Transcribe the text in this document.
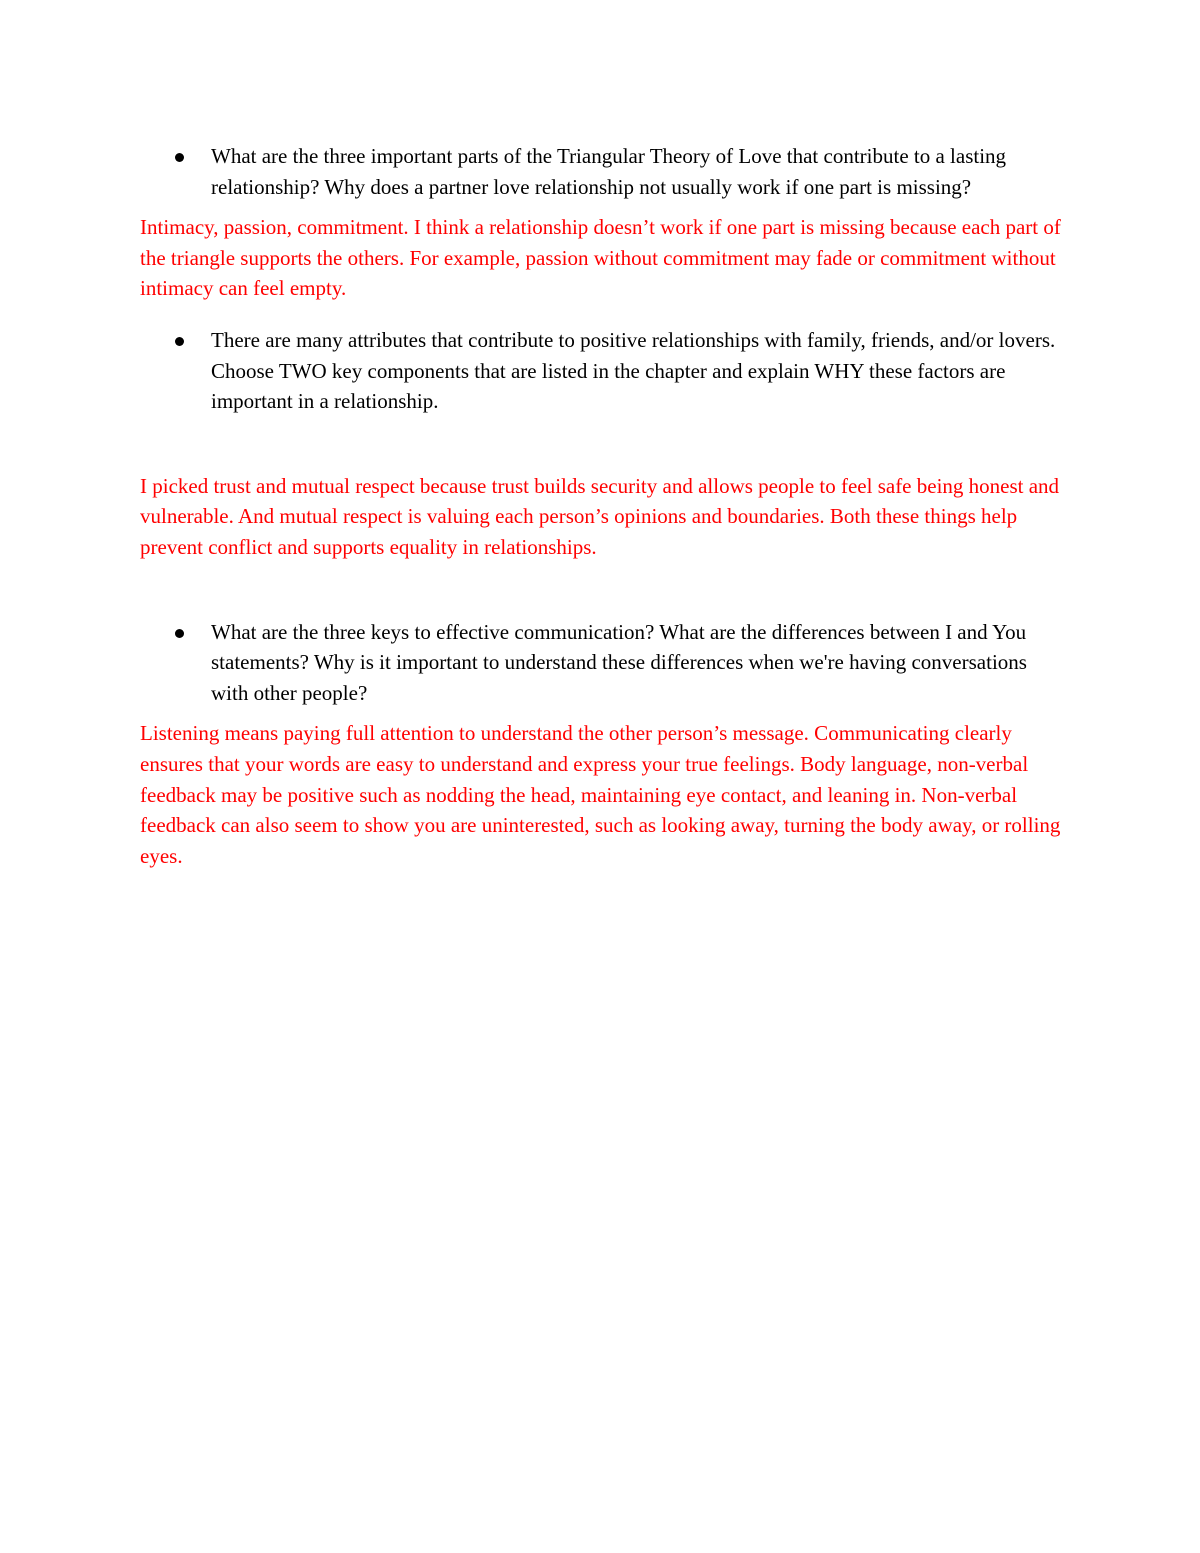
What are the three important parts of the Triangular Theory of Love that contribute to a lasting relationship? Why does a partner love relationship not usually work if one part is missing?

Intimacy, passion, commitment. I think a relationship doesn’t work if one part is missing because each part of the triangle supports the others. For example, passion without commitment may fade or commitment without intimacy can feel empty.

There are many attributes that contribute to positive relationships with family, friends, and/or lovers. Choose TWO key components that are listed in the chapter and explain WHY these factors are important in a relationship.

I picked trust and mutual respect because trust builds security and allows people to feel safe being honest and vulnerable. And mutual respect is valuing each person’s opinions and boundaries. Both these things help prevent conflict and supports equality in relationships.

What are the three keys to effective communication? What are the differences between I and You statements? Why is it important to understand these differences when we're having conversations with other people?

Listening means paying full attention to understand the other person’s message. Communicating clearly ensures that your words are easy to understand and express your true feelings. Body language, non-verbal feedback may be positive such as nodding the head, maintaining eye contact, and leaning in. Non-verbal feedback can also seem to show you are uninterested, such as looking away, turning the body away, or rolling eyes.
